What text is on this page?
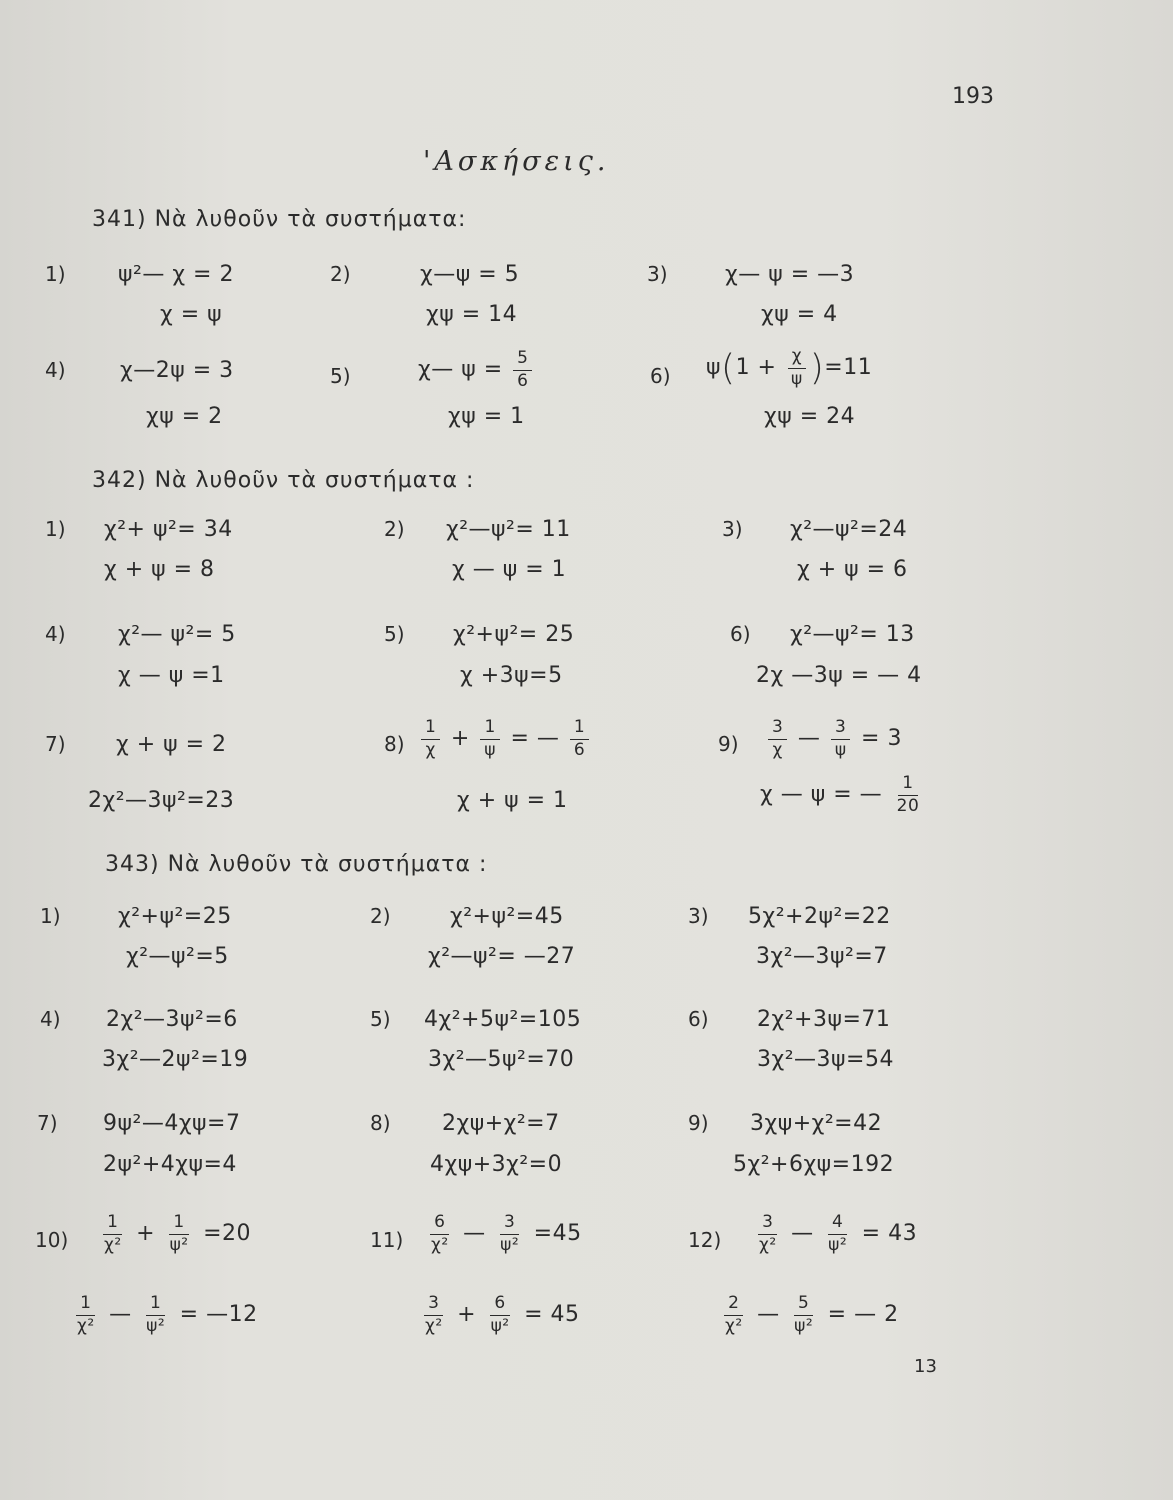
193
'Ασκήσεις.
341) Νὰ λυθοῦν τὰ συστήματα:
1) ψ²— χ = 2
χ = ψ
2)	χ—ψ = 5
χψ = 14
3)	χ— ψ = —3
χψ = 4
4) χ—2ψ = 3
χψ = 2
5)	χ— $\psi = \frac{5}{6}$
χψ = 1
6) $\psi(1 + \frac{\chi}{\psi} )=11$
χψ = 24
342) Νὰ λυθοῦν τὰ συστήματα :
1) χ²+ ψ²= 34
χ + ψ = 8
2) χ²—ψ²= 11
χ — ψ = 1
3) χ²—ψ²=24
χ + ψ = 6
4) χ²— ψ²= 5
χ — ψ =1
5) χ²+ψ²= 25
χ +3ψ=5
6) χ²—ψ²= 13
2χ —3ψ = — 4
7) χ + ψ = 2
2χ²—3ψ²=23
$8) \frac{1}{\chi} + \frac{1}{\psi}$ = — $\frac{1}{6}$
χ + ψ = 1
$9) \frac{3}{\chi}$ — $\frac{3}{\psi} = 3$
χ — ψ = — $\frac{1}{20}$
343) Νὰ λυθοῦν τὰ συστήματα :
1)	χ²+ψ²=25
χ²—ψ²=5
2)	χ²+ψ²=45
χ²—ψ²= —27
3) 5χ²+2ψ²=22
3χ²—3ψ²=7
4) 2χ²—3ψ²=6
3χ²—2ψ²=19
5) 4χ²+5ψ²=105
3χ²—5ψ²=70
6) 2χ²+3ψ=71
3χ²—3ψ=54
7) 9ψ²—4χψ=7
2ψ²+4χψ=4
8) 2χψ+χ²=7
4χψ+3χ²=0
9) 3χψ+χ²=42
5χ²+6χψ=192
$10) \frac{1}{\text{χ²}} + \frac{1}{\text{ψ²}} =20$
$\frac{1}{\text{χ²}}$ — $\frac{1}{\text{ψ²}}$ = —12
$11) \frac{6}{\text{χ²}}$ — $\frac{3}{\text{ψ²}} =45$
$\frac{3}{\text{χ²}} + \frac{6}{\text{ψ²}} = 45$
$12) \frac{3}{\text{χ²}}$ — $\frac{4}{\text{ψ²}} = 43$
$\frac{2}{\text{χ²}}$ — $\frac{5}{\text{ψ²}}$ = — 2
13
